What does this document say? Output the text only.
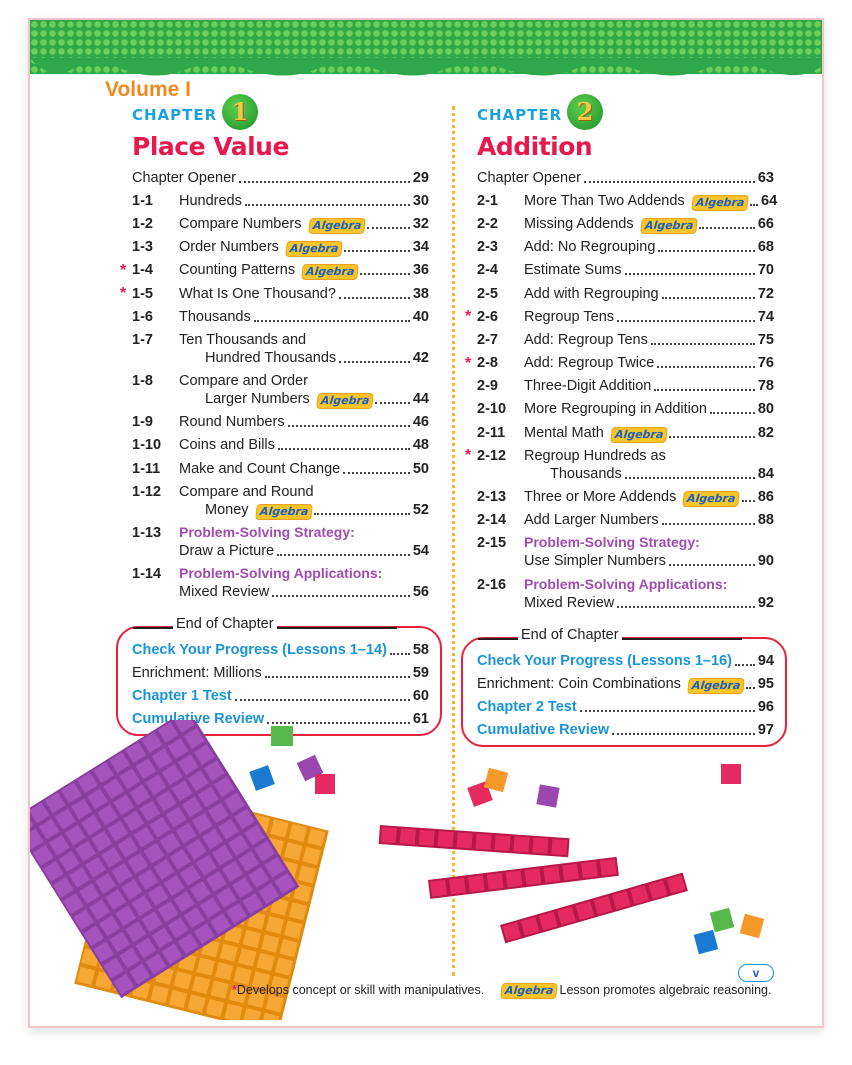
Volume I
CHAPTER 1
Place Value
CHAPTER 2
Addition
Chapter Opener	29
1-1	Hundreds	30
1-2	Compare Numbers Algebra	32
1-3	Order Numbers Algebra	34
* 1-4	Counting Patterns Algebra	36
* 1-5	What Is One Thousand?	38
1-6	Thousands	40
1-7	Ten Thousands and
Hundred Thousands	42
1-8	Compare and Order
Larger Numbers Algebra	44
1-9	Round Numbers	46
1-10	Coins and Bills	48
1-11	Make and Count Change	50
1-12	Compare and Round
Money Algebra	52
1-13	Problem-Solving Strategy:
Draw a Picture	54
1-14	Problem-Solving Applications:
Mixed Review	56
Chapter Opener	63
2-1	More Than Two Addends Algebra 64
2-2	Missing Addends Algebra	66
2-3	Add: No Regrouping	68
2-4	Estimate Sums	70
2-5	Add with Regrouping	72
* 2-6	Regroup Tens	74
2-7	Add: Regroup Tens	75
* 2-8	Add: Regroup Twice	76
2-9	Three-Digit Addition	78
2-10	More Regrouping in Addition	80
2-11	Mental Math Algebra	82
* 2-12	Regroup Hundreds as
Thousands	84
2-13	Three or More Addends Algebra 86
2-14	Add Larger Numbers	88
2-15	Problem-Solving Strategy:
Use Simpler Numbers	90
2-16	Problem-Solving Applications:
Mixed Review	92
End of Chapter
Check Your Progress (Lessons 1–14) 58
Enrichment: Millions	59
Chapter 1 Test	60
Cumulative Review	61
End of Chapter
Check Your Progress (Lessons 1–16) 94
Enrichment: Coin Combinations Algebra 95
Chapter 2 Test	96
Cumulative Review	97
v
*Develops concept or skill with manipulatives. Algebra Lesson promotes algebraic reasoning.
